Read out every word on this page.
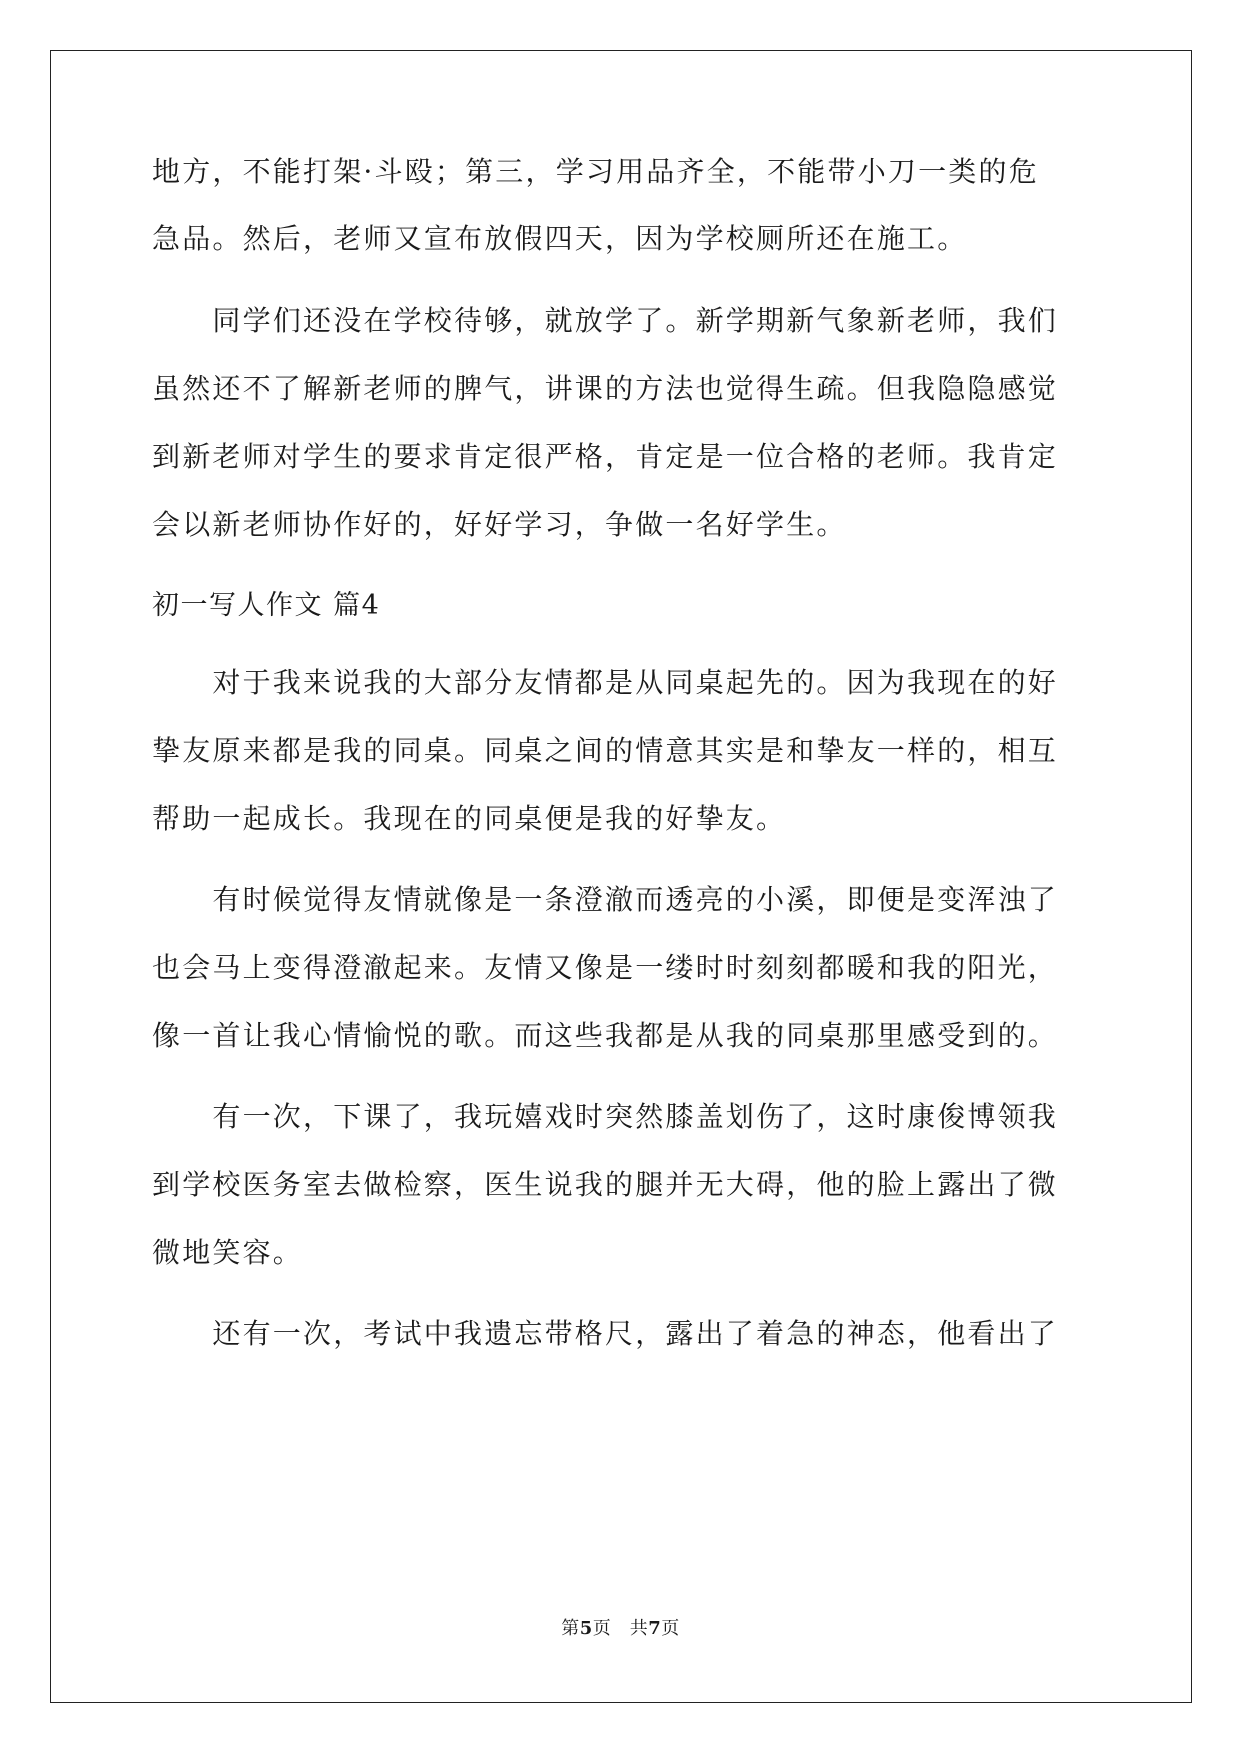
地方，不能打架·斗殴；第三，学习用品齐全，不能带小刀一类的危
急品。然后，老师又宣布放假四天，因为学校厕所还在施工。
　　同学们还没在学校待够，就放学了。新学期新气象新老师，我们
虽然还不了解新老师的脾气，讲课的方法也觉得生疏。但我隐隐感觉
到新老师对学生的要求肯定很严格，肯定是一位合格的老师。我肯定
会以新老师协作好的，好好学习，争做一名好学生。
初一写人作文 篇4
　　对于我来说我的大部分友情都是从同桌起先的。因为我现在的好
挚友原来都是我的同桌。同桌之间的情意其实是和挚友一样的，相互
帮助一起成长。我现在的同桌便是我的好挚友。
　　有时候觉得友情就像是一条澄澈而透亮的小溪，即便是变浑浊了
也会马上变得澄澈起来。友情又像是一缕时时刻刻都暖和我的阳光，
像一首让我心情愉悦的歌。而这些我都是从我的同桌那里感受到的。
　　有一次，下课了，我玩嬉戏时突然膝盖划伤了，这时康俊博领我
到学校医务室去做检察，医生说我的腿并无大碍，他的脸上露出了微
微地笑容。
　　还有一次，考试中我遗忘带格尺，露出了着急的神态，他看出了
第5页　共7页
